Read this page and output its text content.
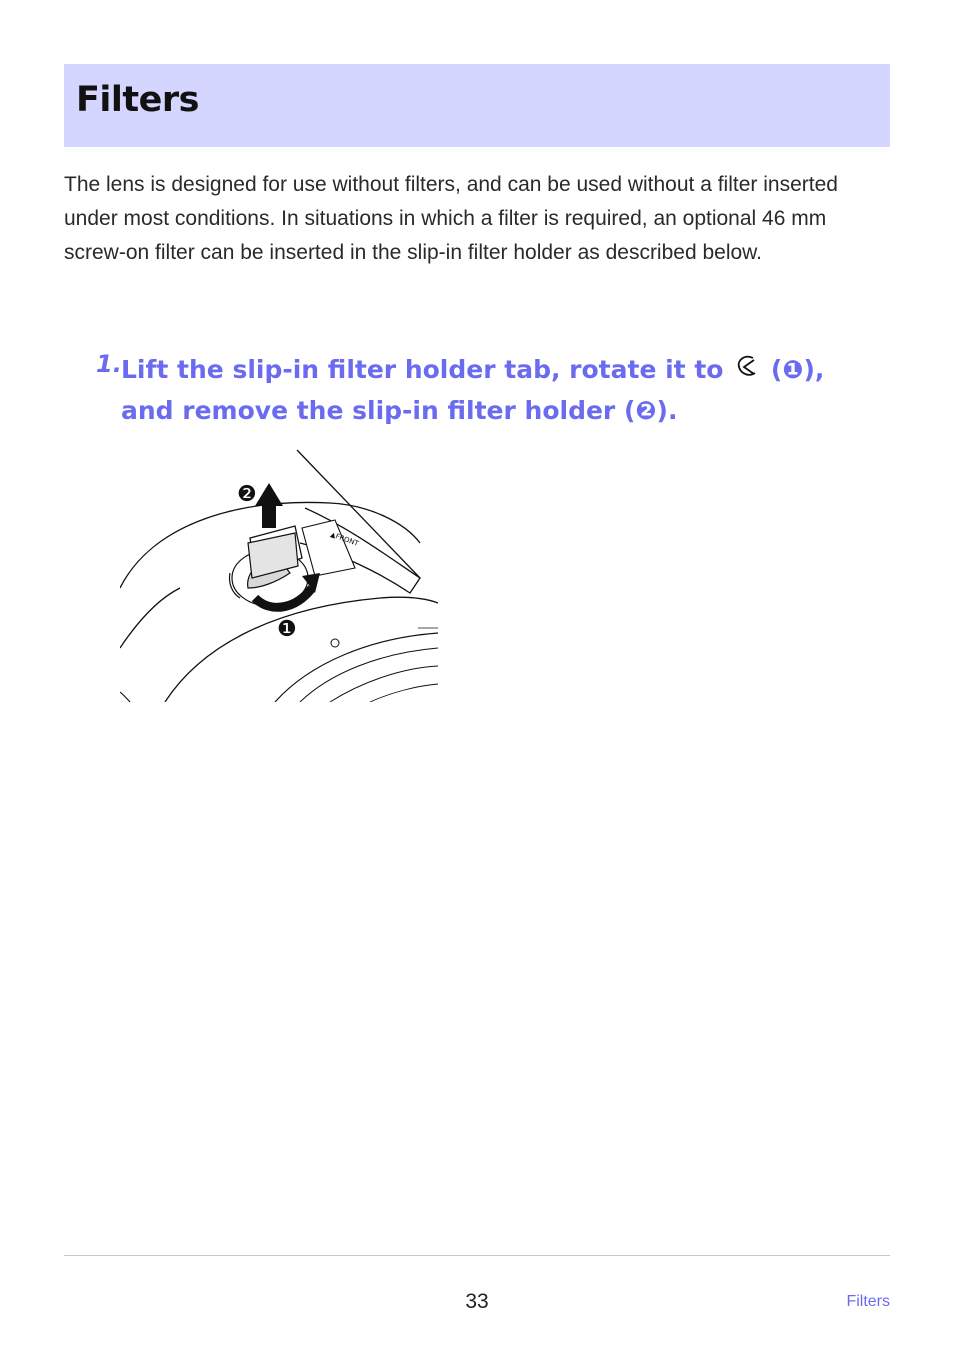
Filters

The lens is designed for use without filters, and can be used without a filter inserted under most conditions. In situations in which a filter is required, an optional 46 mm screw-on filter can be inserted in the slip-in filter holder as described below.

1. Lift the slip-in filter holder tab, rotate it to (❶), and remove the slip-in filter holder (❷).
▲FRONT
❷
❶
33	Filters
